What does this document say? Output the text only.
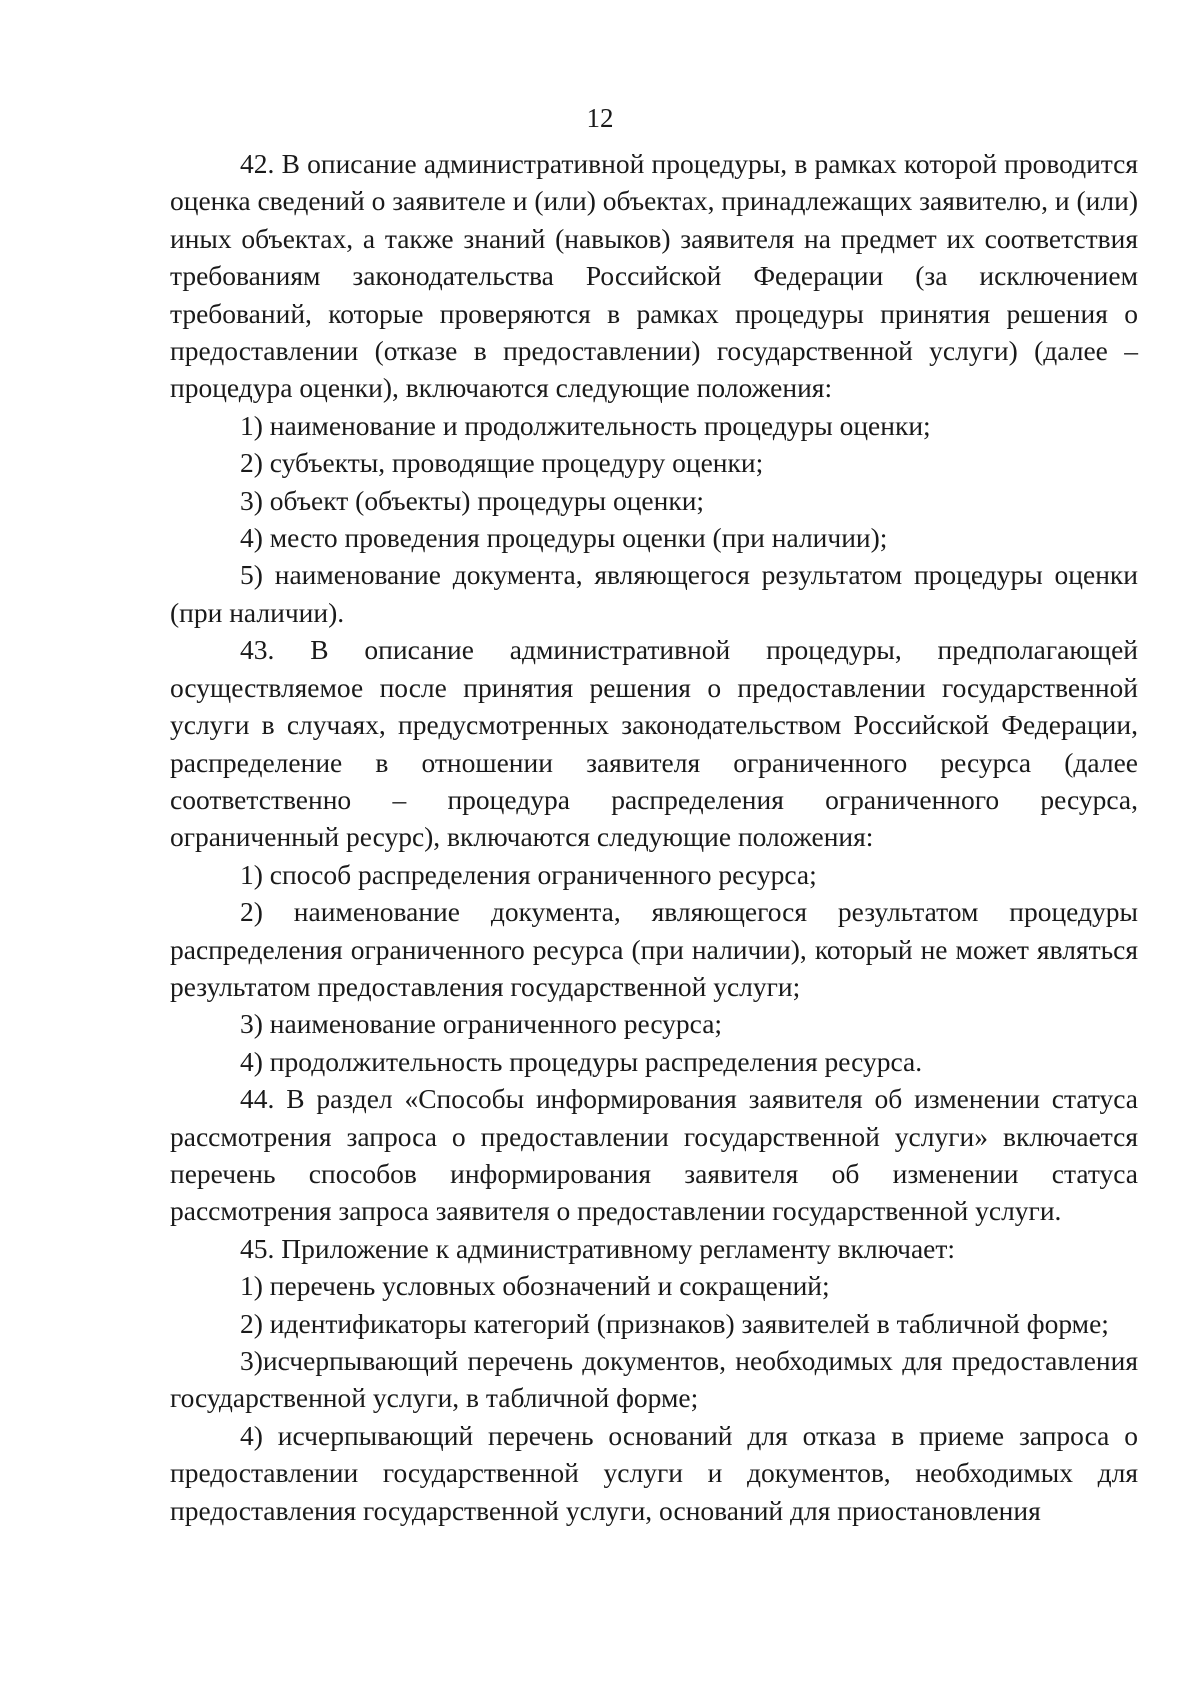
12

42. В описание административной процедуры, в рамках которой проводится оценка сведений о заявителе и (или) объектах, принадлежащих заявителю, и (или) иных объектах, а также знаний (навыков) заявителя на предмет их соответствия требованиям законодательства Российской Федерации (за исключением требований, которые проверяются в рамках процедуры принятия решения о предоставлении (отказе в предоставлении) государственной услуги) (далее – процедура оценки), включаются следующие положения:

1) наименование и продолжительность процедуры оценки;

2) субъекты, проводящие процедуру оценки;

3) объект (объекты) процедуры оценки;

4) место проведения процедуры оценки (при наличии);

5) наименование документа, являющегося результатом процедуры оценки (при наличии).

43. В описание административной процедуры, предполагающей осуществляемое после принятия решения о предоставлении государственной услуги в случаях, предусмотренных законодательством Российской Федерации, распределение в отношении заявителя ограниченного ресурса (далее соответственно – процедура распределения ограниченного ресурса, ограниченный ресурс), включаются следующие положения:

1) способ распределения ограниченного ресурса;

2) наименование документа, являющегося результатом процедуры распределения ограниченного ресурса (при наличии), который не может являться результатом предоставления государственной услуги;

3) наименование ограниченного ресурса;

4) продолжительность процедуры распределения ресурса.

44. В раздел «Способы информирования заявителя об изменении статуса рассмотрения запроса о предоставлении государственной услуги» включается перечень способов информирования заявителя об изменении статуса рассмотрения запроса заявителя о предоставлении государственной услуги.

45. Приложение к административному регламенту включает:

1) перечень условных обозначений и сокращений;

2) идентификаторы категорий (признаков) заявителей в табличной форме;

3)исчерпывающий перечень документов, необходимых для предоставления государственной услуги, в табличной форме;

4) исчерпывающий перечень оснований для отказа в приеме запроса о предоставлении государственной услуги и документов, необходимых для предоставления государственной услуги, оснований для приостановления
